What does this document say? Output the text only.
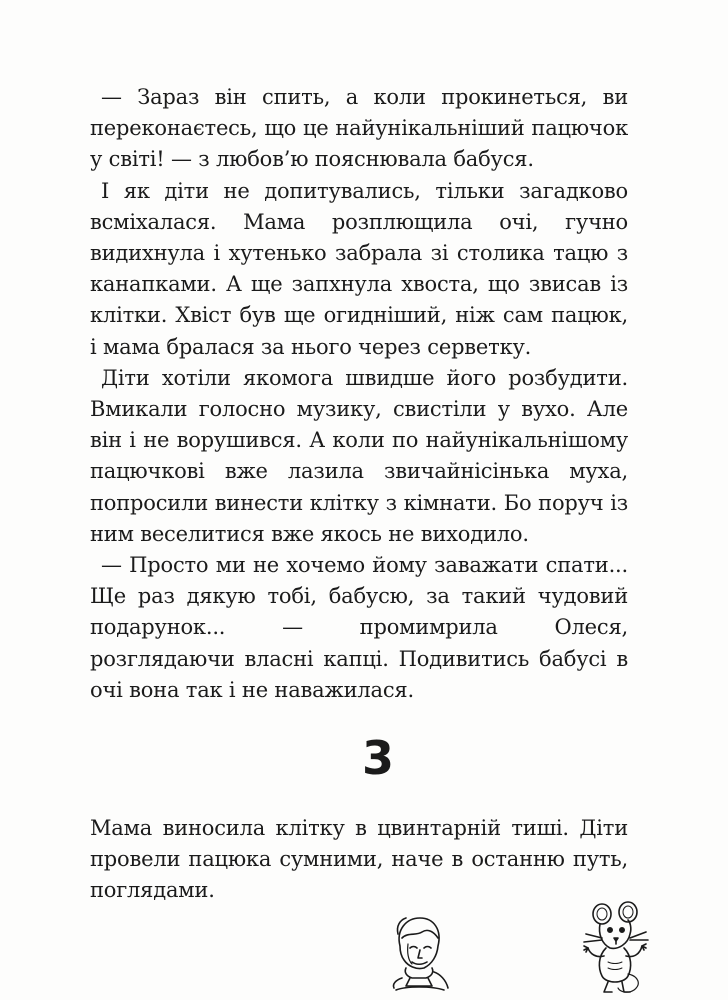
— Зараз він спить, а коли прокинеться, ви переконаєтесь, що це найунікальніший пацючок у світі! — з любов’ю пояснювала бабуся.

І як діти не допитувались, тільки загадково всміхалася. Мама розплющила очі, гучно видихнула і хутенько забрала зі столика тацю з канапками. А ще запхнула хвоста, що звисав із клітки. Хвіст був ще огидніший, ніж сам пацюк, і мама бралася за нього через серветку.

Діти хотіли якомога швидше його розбудити. Вмикали голосно музику, свистіли у вухо. Але він і не ворушився. А коли по найунікальнішому пацючкові вже лазила звичайнісінька муха, попросили винести клітку з кімнати. Бо поруч із ним веселитися вже якось не виходило.

— Просто ми не хочемо йому заважати спати... Ще раз дякую тобі, бабусю, за такий чудовий подарунок... — промимрила Олеся, розглядаючи власні капці. Подивитись бабусі в очі вона так і не наважилася.

3

Мама виносила клітку в цвинтарній тиші. Діти провели пацюка сумними, наче в останню путь, поглядами.
